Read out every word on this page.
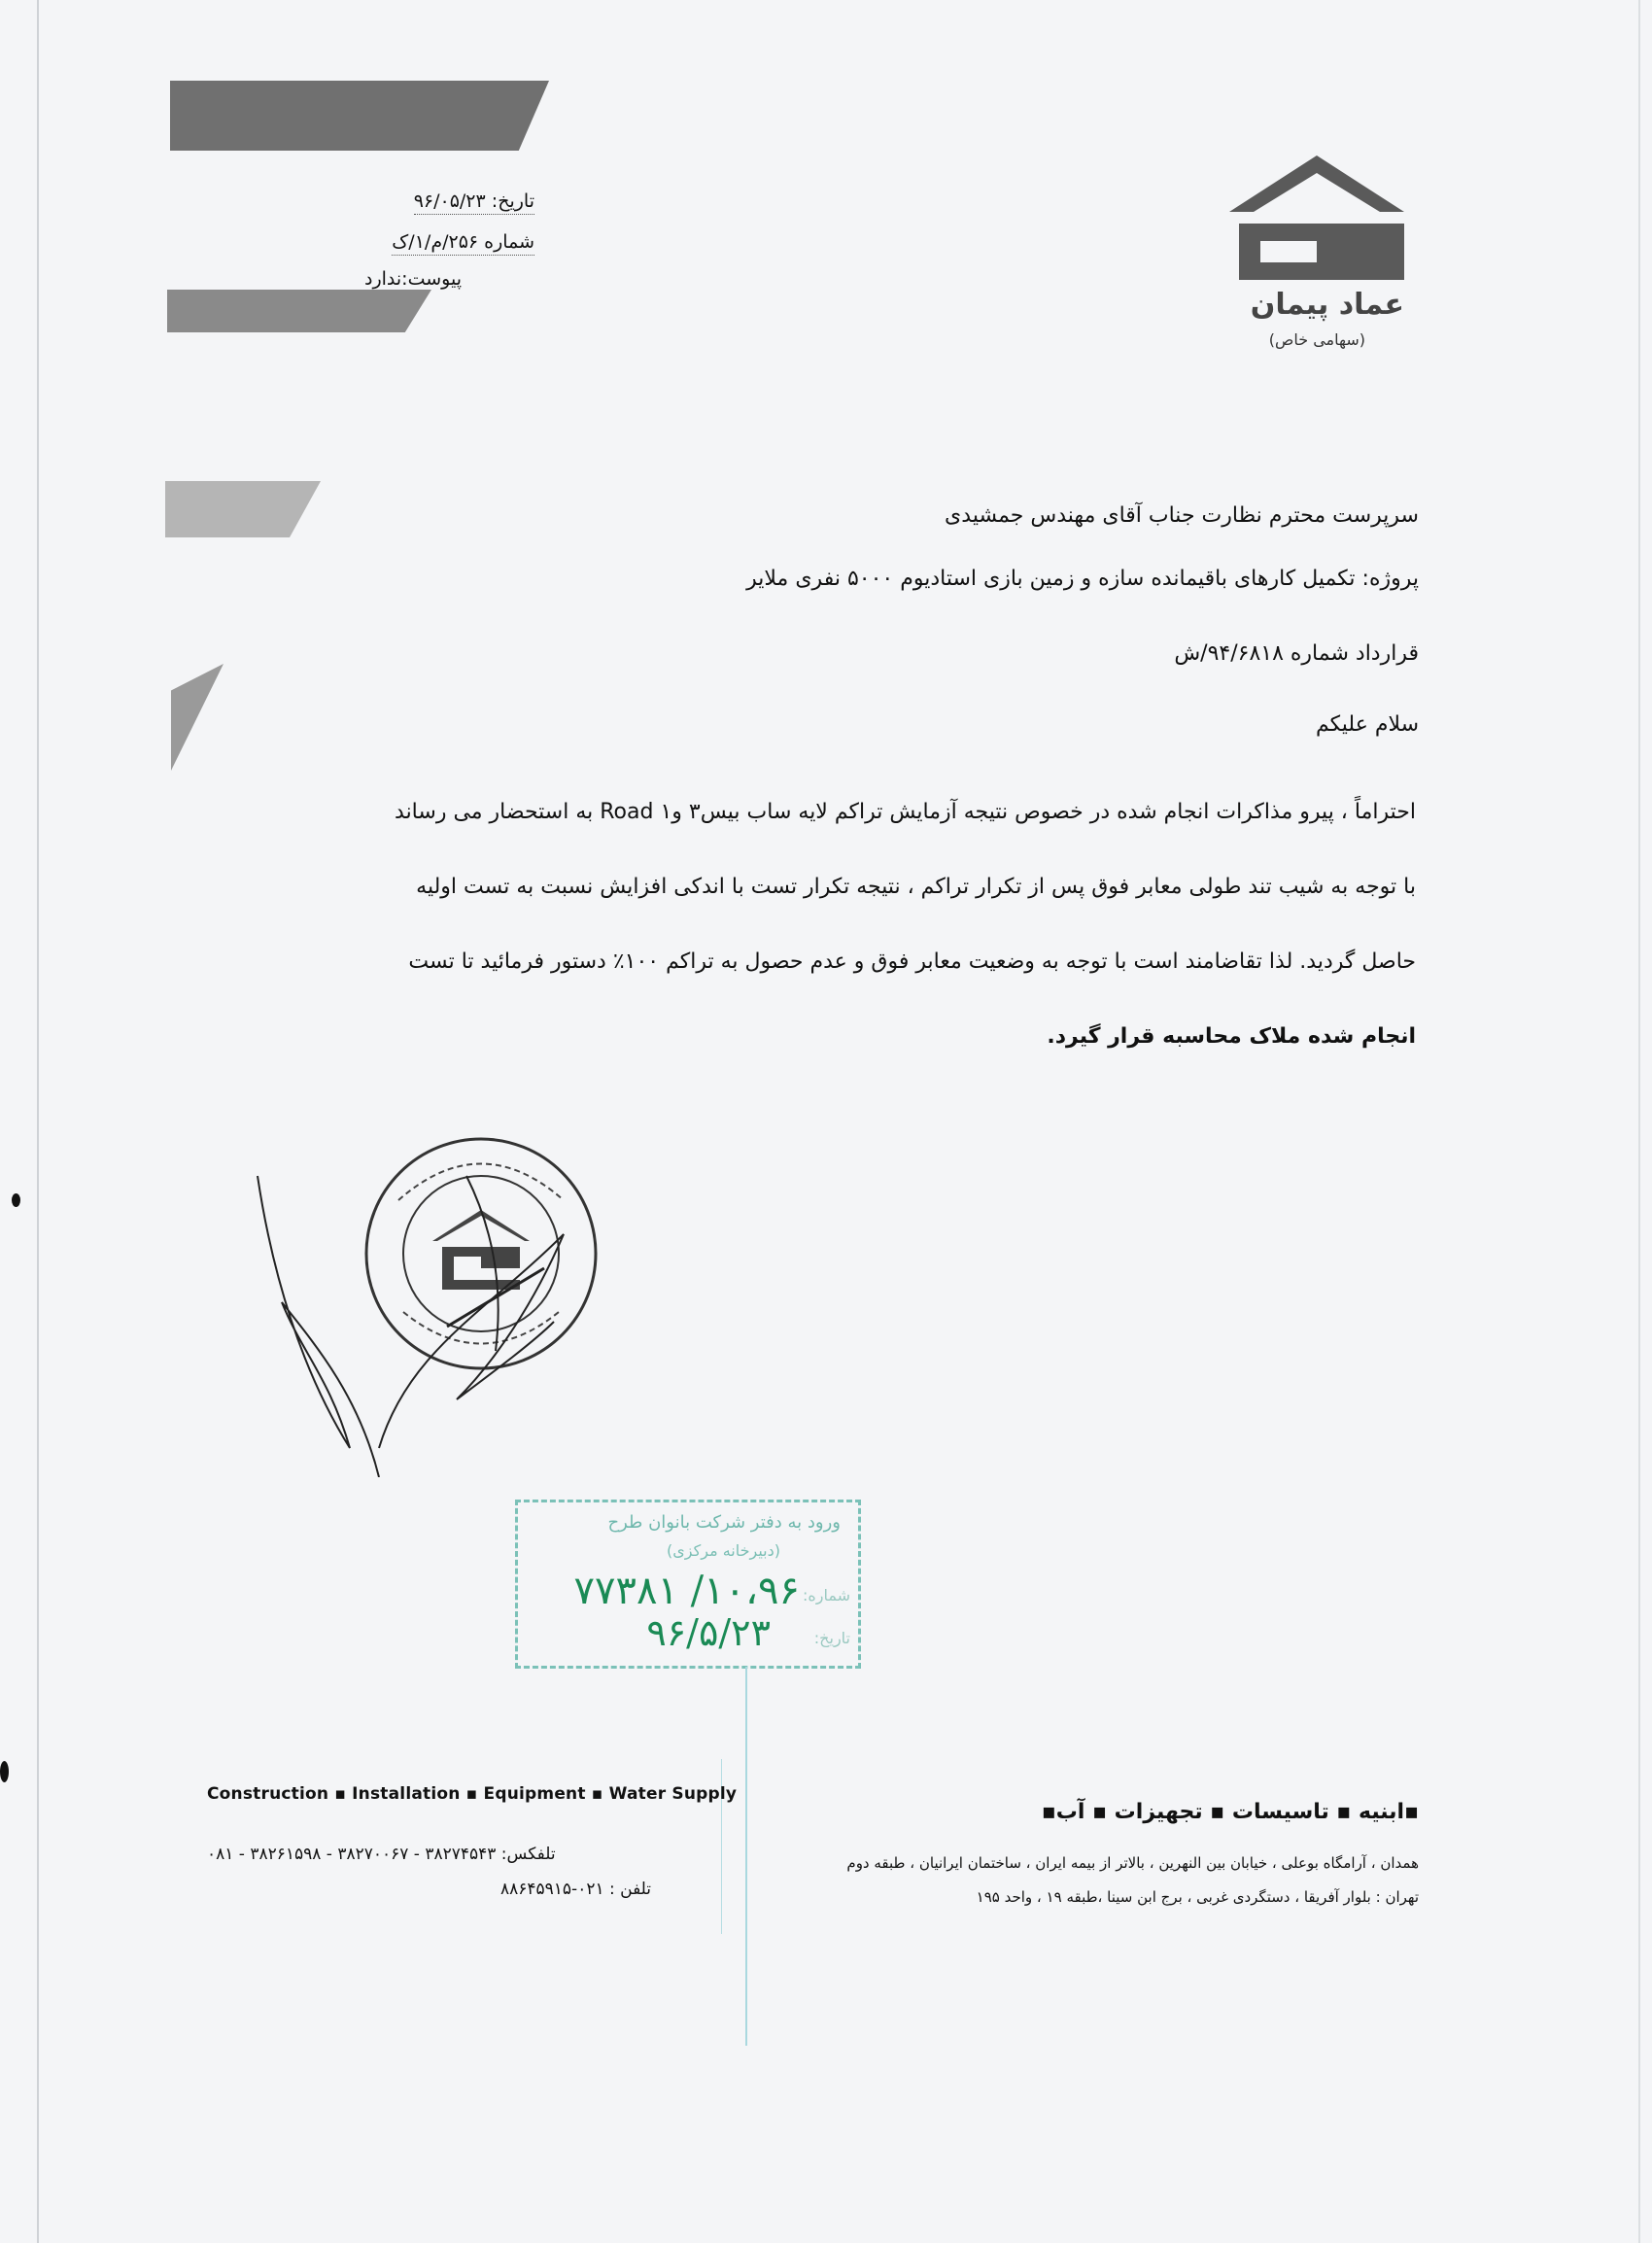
تاریخ: ۹۶/۰۵/۲۳
شماره ۲۵۶/م/۱/ک
پیوست:ندارد
عماد پیمان
(سهامی خاص)
سرپرست محترم نظارت جناب آقای مهندس جمشیدی
پروژه: تکمیل کارهای باقیمانده سازه و زمین بازی استادیوم ۵۰۰۰ نفری ملایر
قرارداد شماره ۹۴/۶۸۱۸/ش
سلام علیکم
احتراماً ، پیرو مذاکرات انجام شده در خصوص نتیجه آزمایش تراکم لایه ساب بیس۳ و۱ Road به استحضار می رساند
با توجه به شیب تند طولی معابر فوق پس از تکرار تراکم ، نتیجه تکرار تست با اندکی افزایش نسبت به تست اولیه
حاصل گردید. لذا تقاضامند است با توجه به وضعیت معابر فوق و عدم حصول به تراکم ۱۰۰٪ دستور فرمائید تا تست
انجام شده ملاک محاسبه قرار گیرد.
ورود به دفتر شرکت بانوان طرح
(دبیرخانه مرکزی)
شماره:
۱۰،۹۶/ ۷۷۳۸۱
تاریخ:
۹۶/۵/۲۳
Construction ▪ Installation ▪ Equipment ▪ Water Supply
▪ابنیه ▪ تاسیسات ▪ تجهیزات ▪ آب▪
همدان ، آرامگاه بوعلی ، خیابان بین النهرین ، بالاتر از بیمه ایران ، ساختمان ایرانیان ، طبقه دوم
تهران : بلوار آفریقا ، دستگردی غربی ، برج ابن سینا ،طبقه ۱۹ ، واحد ۱۹۵
تلفکس: ۳۸۲۷۴۵۴۳ - ۳۸۲۷۰۰۶۷ - ۳۸۲۶۱۵۹۸ - ۰۸۱
تلفن : ۰۲۱-۸۸۶۴۵۹۱۵
